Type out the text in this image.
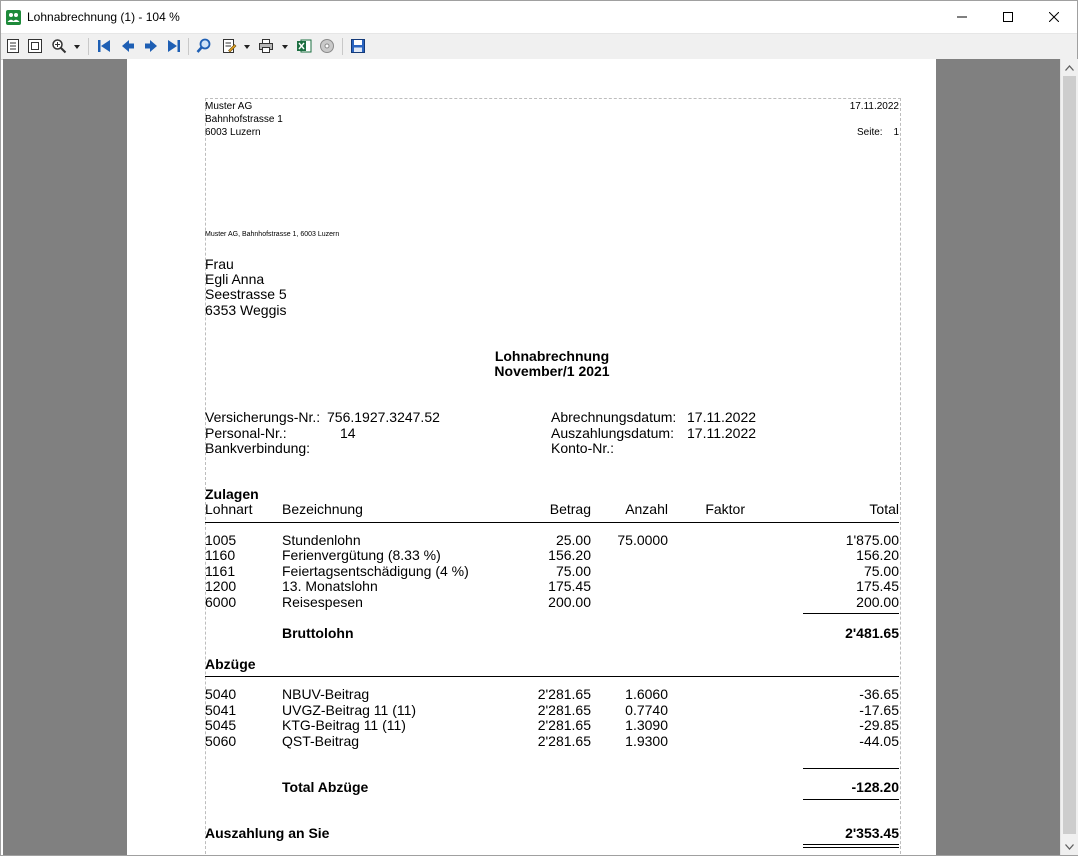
Lohnabrechnung (1) - 104 %
Muster AG
Bahnhofstrasse 1
6003 Luzern
17.11.2022
Seite: 1
Muster AG, Bahnhofstrasse 1, 6003 Luzern
Frau
Egli Anna
Seestrasse 5
6353 Weggis
Lohnabrechnung
November/1 2021
Versicherungs-Nr.: 756.1927.3247.52
Personal-Nr.:	14
Bankverbindung:
Abrechnungsdatum: 17.11.2022
Auszahlungsdatum: 17.11.2022
Konto-Nr.:
Zulagen
Lohnart Bezeichnung	Betrag Anzahl	Faktor	Total
1005	Stundenlohn	25.00 75.0000	1'875.00
1160	Ferienvergütung (8.33 %)	156.20	156.20
1161	Feiertagsentschädigung (4 %)	75.00	75.00
1200	13. Monatslohn	175.45	175.45
6000	Reisespesen	200.00	200.00
Bruttolohn	2'481.65
Abzüge
5040	NBUV-Beitrag	2'281.65 1.6060	-36.65
5041	UVGZ-Beitrag 11 (11)	2'281.65 0.7740	-17.65
5045	KTG-Beitrag 11 (11)	2'281.65 1.3090	-29.85
5060	QST-Beitrag	2'281.65 1.9300	-44.05
Total Abzüge	-128.20
Auszahlung an Sie	2'353.45
